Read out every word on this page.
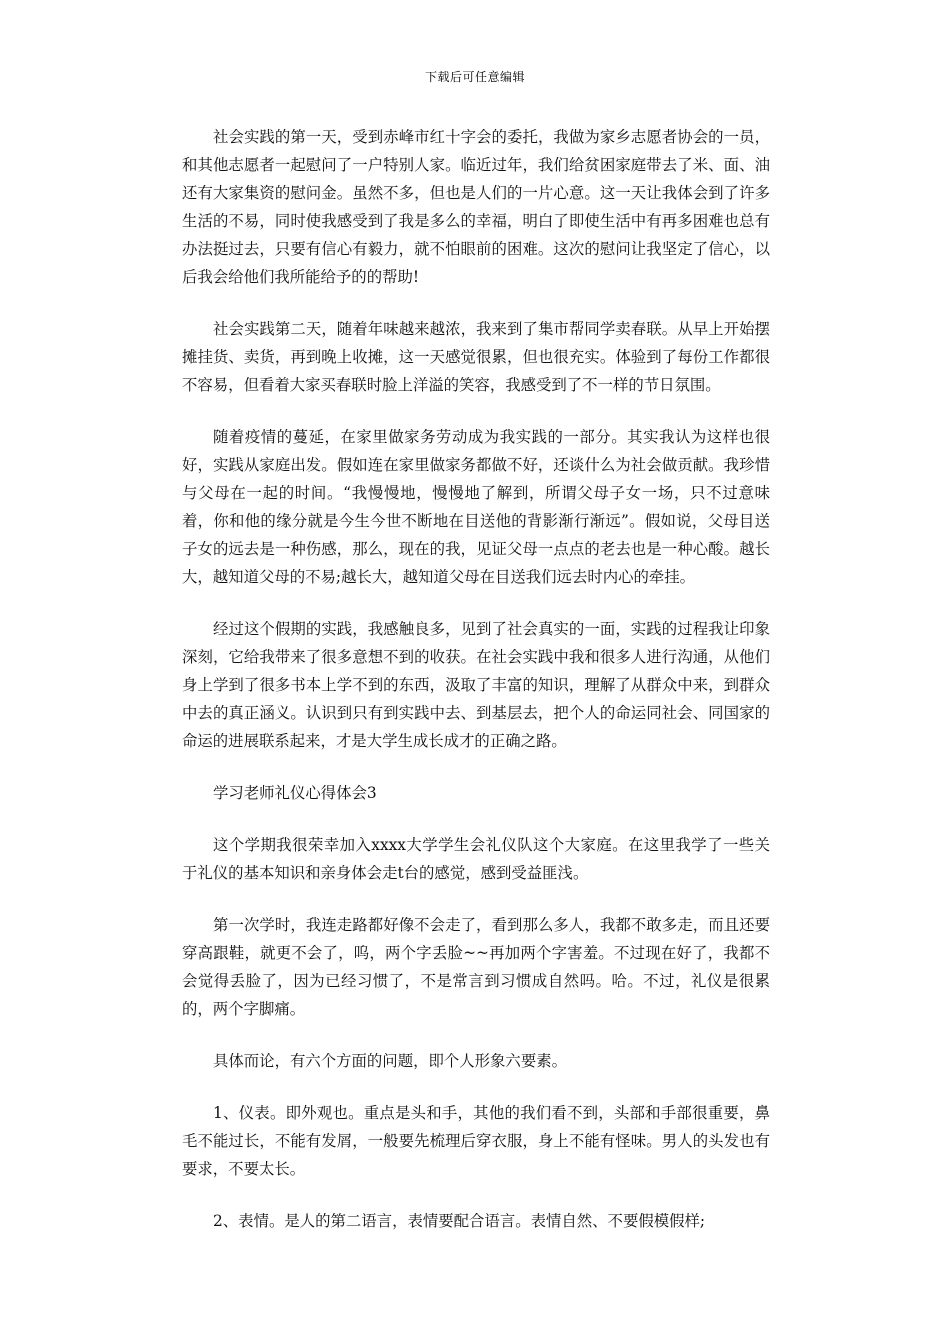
下载后可任意编辑

社会实践的第一天，受到赤峰市红十字会的委托，我做为家乡志愿者协会的一员，和其他志愿者一起慰问了一户特别人家。临近过年，我们给贫困家庭带去了米、面、油还有大家集资的慰问金。虽然不多，但也是人们的一片心意。这一天让我体会到了许多生活的不易，同时使我感受到了我是多么的幸福，明白了即使生活中有再多困难也总有办法挺过去，只要有信心有毅力，就不怕眼前的困难。这次的慰问让我坚定了信心，以后我会给他们我所能给予的的帮助!

社会实践第二天，随着年味越来越浓，我来到了集市帮同学卖春联。从早上开始摆摊挂货、卖货，再到晚上收摊，这一天感觉很累，但也很充实。体验到了每份工作都很不容易，但看着大家买春联时脸上洋溢的笑容，我感受到了不一样的节日氛围。

随着疫情的蔓延，在家里做家务劳动成为我实践的一部分。其实我认为这样也很好，实践从家庭出发。假如连在家里做家务都做不好，还谈什么为社会做贡献。我珍惜与父母在一起的时间。“我慢慢地，慢慢地了解到，所谓父母子女一场，只不过意味着，你和他的缘分就是今生今世不断地在目送他的背影渐行渐远”。假如说，父母目送子女的远去是一种伤感，那么，现在的我，见证父母一点点的老去也是一种心酸。越长大，越知道父母的不易;越长大，越知道父母在目送我们远去时内心的牵挂。

经过这个假期的实践，我感触良多，见到了社会真实的一面，实践的过程我让印象深刻，它给我带来了很多意想不到的收获。在社会实践中我和很多人进行沟通，从他们身上学到了很多书本上学不到的东西，汲取了丰富的知识，理解了从群众中来，到群众中去的真正涵义。认识到只有到实践中去、到基层去，把个人的命运同社会、同国家的命运的进展联系起来，才是大学生成长成才的正确之路。

学习老师礼仪心得体会3

这个学期我很荣幸加入xxxx大学学生会礼仪队这个大家庭。在这里我学了一些关于礼仪的基本知识和亲身体会走t台的感觉，感到受益匪浅。

第一次学时，我连走路都好像不会走了，看到那么多人，我都不敢多走，而且还要穿高跟鞋，就更不会了，呜，两个字丢脸~~再加两个字害羞。不过现在好了，我都不会觉得丢脸了，因为已经习惯了，不是常言到习惯成自然吗。哈。不过，礼仪是很累的，两个字脚痛。

具体而论，有六个方面的问题，即个人形象六要素。

1、仪表。即外观也。重点是头和手，其他的我们看不到，头部和手部很重要，鼻毛不能过长，不能有发屑，一般要先梳理后穿衣服，身上不能有怪味。男人的头发也有要求，不要太长。

2、表情。是人的第二语言，表情要配合语言。表情自然、不要假模假样;
